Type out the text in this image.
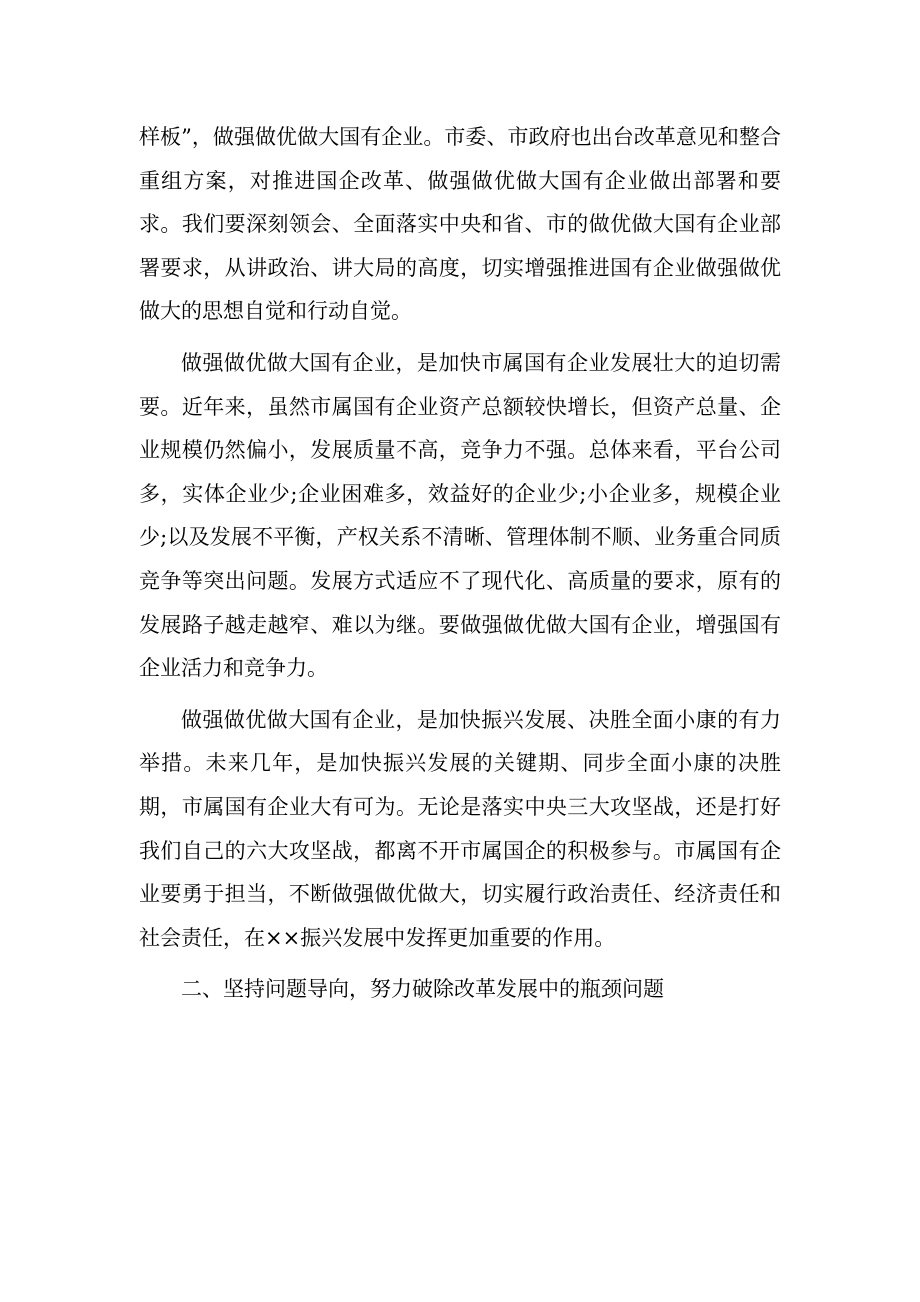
样板”，做强做优做大国有企业。市委、市政府也出台改革意见和整合重组方案，对推进国企改革、做强做优做大国有企业做出部署和要求。我们要深刻领会、全面落实中央和省、市的做优做大国有企业部署要求，从讲政治、讲大局的高度，切实增强推进国有企业做强做优做大的思想自觉和行动自觉。

做强做优做大国有企业，是加快市属国有企业发展壮大的迫切需要。近年来，虽然市属国有企业资产总额较快增长，但资产总量、企业规模仍然偏小，发展质量不高，竞争力不强。总体来看，平台公司多，实体企业少;企业困难多，效益好的企业少;小企业多，规模企业少;以及发展不平衡，产权关系不清晰、管理体制不顺、业务重合同质竞争等突出问题。发展方式适应不了现代化、高质量的要求，原有的发展路子越走越窄、难以为继。要做强做优做大国有企业，增强国有企业活力和竞争力。

做强做优做大国有企业，是加快振兴发展、决胜全面小康的有力举措。未来几年，是加快振兴发展的关键期、同步全面小康的决胜期，市属国有企业大有可为。无论是落实中央三大攻坚战，还是打好我们自己的六大攻坚战，都离不开市属国企的积极参与。市属国有企业要勇于担当，不断做强做优做大，切实履行政治责任、经济责任和社会责任，在××振兴发展中发挥更加重要的作用。

二、坚持问题导向，努力破除改革发展中的瓶颈问题
